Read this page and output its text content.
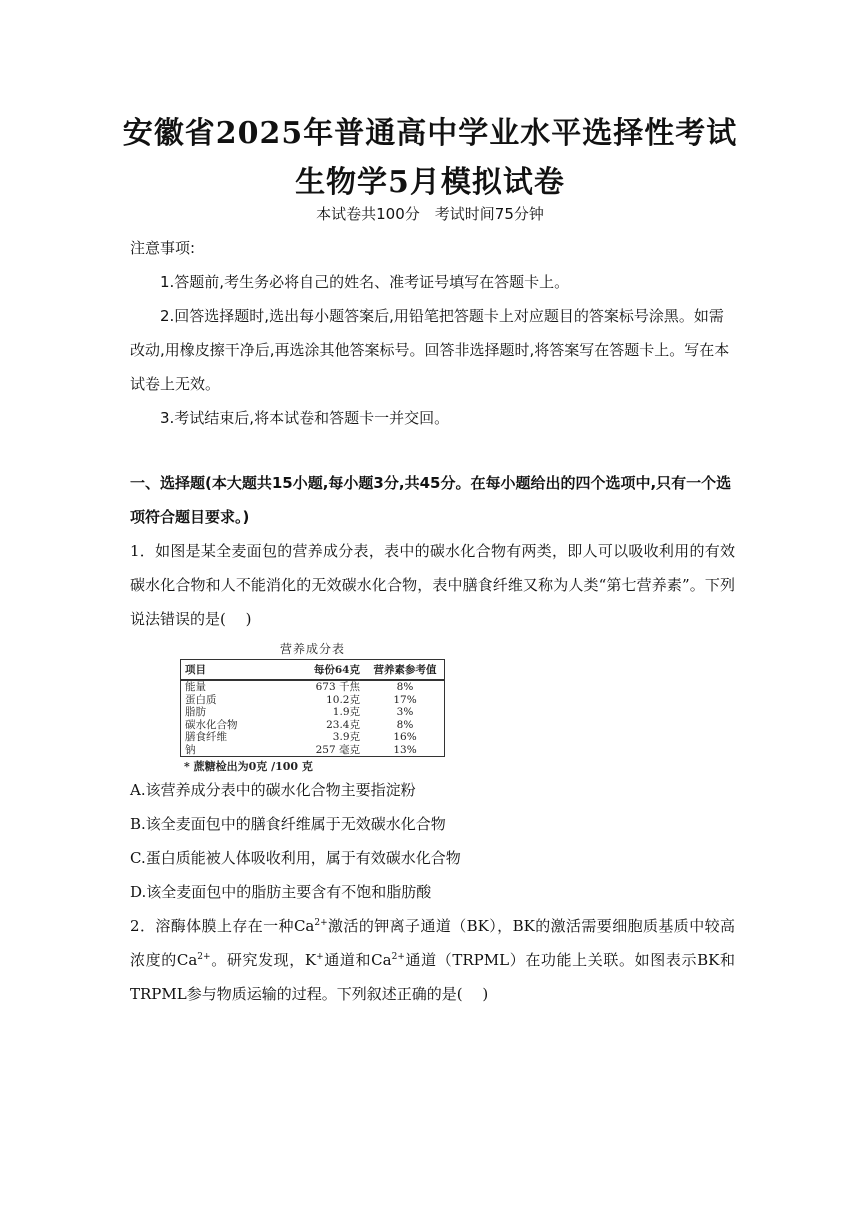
安徽省2025年普通高中学业水平选择性考试
生物学5月模拟试卷
本试卷共100分　考试时间75分钟
注意事项:
1.答题前,考生务必将自己的姓名、准考证号填写在答题卡上。
2.回答选择题时,选出每小题答案后,用铅笔把答题卡上对应题目的答案标号涂黑。如需改动,用橡皮擦干净后,再选涂其他答案标号。回答非选择题时,将答案写在答题卡上。写在本试卷上无效。
3.考试结束后,将本试卷和答题卡一并交回。
一、选择题(本大题共15小题,每小题3分,共45分。在每小题给出的四个选项中,只有一个选项符合题目要求。)
1．如图是某全麦面包的营养成分表，表中的碳水化合物有两类，即人可以吸收利用的有效碳水化合物和人不能消化的无效碳水化合物，表中膳食纤维又称为人类“第七营养素”。下列说法错误的是(　 )
营养成分表
项目	每份64克	营养素参考值
能量	673 千焦	8%
蛋白质	10.2克	17%
脂肪	1.9克	3%
碳水化合物	23.4克	8%
膳食纤维	3.9克	16%
钠	257 毫克	13%
* 蔗糖检出为0克 /100 克
A.该营养成分表中的碳水化合物主要指淀粉
B.该全麦面包中的膳食纤维属于无效碳水化合物
C.蛋白质能被人体吸收利用，属于有效碳水化合物
D.该全麦面包中的脂肪主要含有不饱和脂肪酸
2．溶酶体膜上存在一种$Ca^{2+}$激活的钾离子通道（BK），BK的激活需要细胞质基质中较高浓度的$Ca^{2+}$。研究发现，K+通道和$Ca^{2+}$通道（TRPML）在功能上关联。如图表示BK和TRPML参与物质运输的过程。下列叙述正确的是(　 )
